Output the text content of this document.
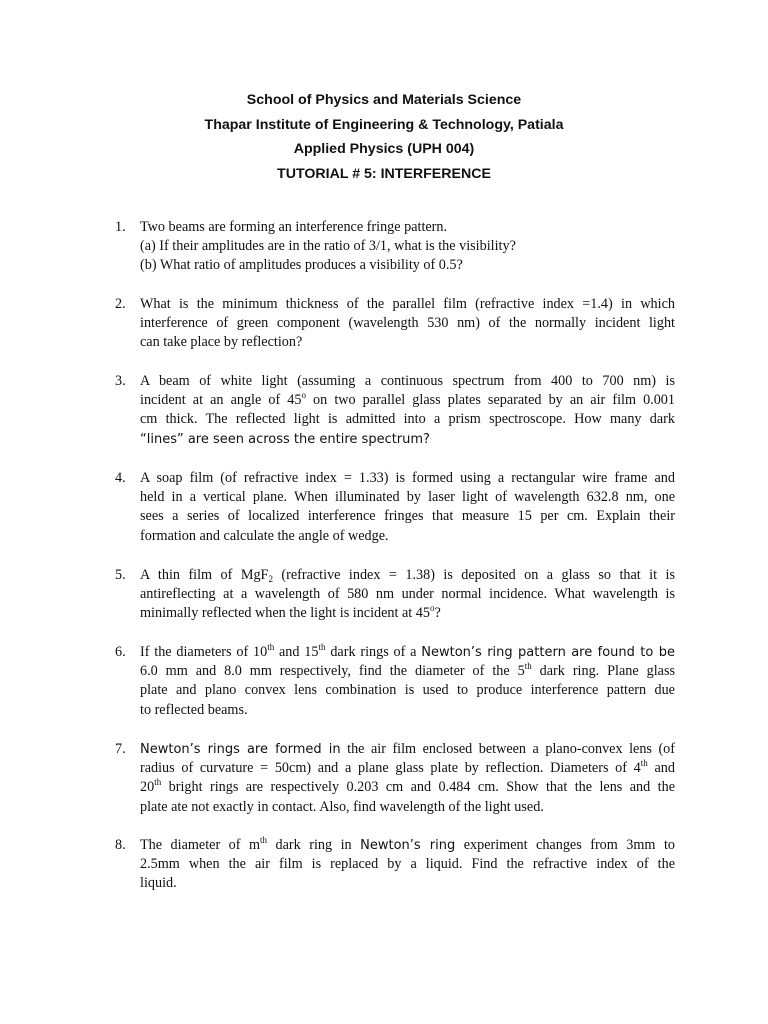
School of Physics and Materials Science
Thapar Institute of Engineering & Technology, Patiala
Applied Physics (UPH 004)
TUTORIAL # 5: INTERFERENCE
1. Two beams are forming an interference fringe pattern.
(a) If their amplitudes are in the ratio of 3/1, what is the visibility?
(b) What ratio of amplitudes produces a visibility of 0.5?
2. What is the minimum thickness of the parallel film (refractive index =1.4) in which
interference of green component (wavelength 530 nm) of the normally incident light
can take place by reflection?
3. A beam of white light (assuming a continuous spectrum from 400 to 700 nm) is
incident at an angle of 45$^o$ on two parallel glass plates separated by an air film 0.001
cm thick. The reflected light is admitted into a prism spectroscope. How many dark
“lines” are seen across the entire spectrum?
4. A soap film (of refractive index = 1.33) is formed using a rectangular wire frame and
held in a vertical plane. When illuminated by laser light of wavelength 632.8 nm, one
sees a series of localized interference fringes that measure 15 per cm. Explain their
formation and calculate the angle of wedge.
5. A thin film of MgF$_2$ (refractive index = 1.38) is deposited on a glass so that it is
antireflecting at a wavelength of 580 nm under normal incidence. What wavelength is
minimally reflected when the light is incident at 45$^o$?
6. If the diameters of 10th and 15th dark rings of a Newton’s ring pattern are found to be
6.0 mm and 8.0 mm respectively, find the diameter of the 5th dark ring. Plane glass
plate and plano convex lens combination is used to produce interference pattern due
to reflected beams.
7. Newton’s rings are formed in the air film enclosed between a plano-convex lens (of
radius of curvature = 50cm) and a plane glass plate by reflection. Diameters of 4th and
20th bright rings are respectively 0.203 cm and 0.484 cm. Show that the lens and the
plate ate not exactly in contact. Also, find wavelength of the light used.
8. The diameter of $m^{th}$ dark ring in Newton’s ring experiment changes from 3mm to
2.5mm when the air film is replaced by a liquid. Find the refractive index of the
liquid.
